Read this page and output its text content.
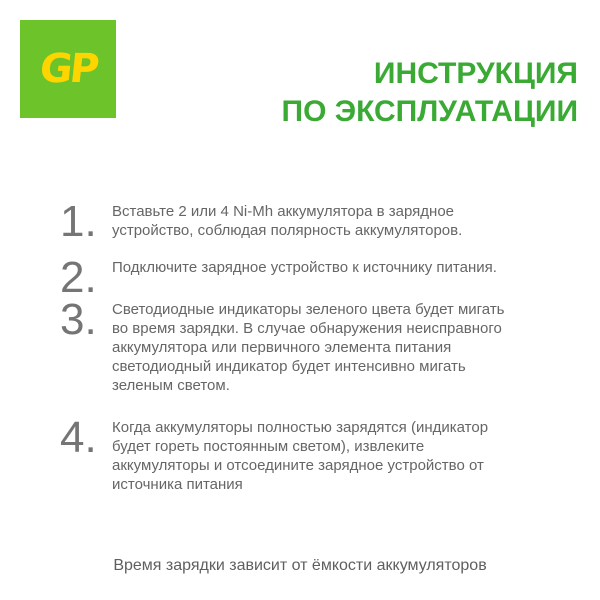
GP	ИНСТРУКЦИЯ
ПО ЭКСПЛУАТАЦИИ
1.	Вставьте 2 или 4 Ni-Mh аккумулятора в зарядное
устройство, соблюдая полярность аккумуляторов.
2.	Подключите зарядное устройство к источнику питания.
3.	Светодиодные индикаторы зеленого цвета будет мигать
во время зарядки. В случае обнаружения неисправного
аккумулятора или первичного элемента питания
светодиодный индикатор будет интенсивно мигать
зеленым светом.
4.	Когда аккумуляторы полностью зарядятся (индикатор
будет гореть постоянным светом), извлеките
аккумуляторы и отсоедините зарядное устройство от
источника питания
Время зарядки зависит от ёмкости аккумуляторов
